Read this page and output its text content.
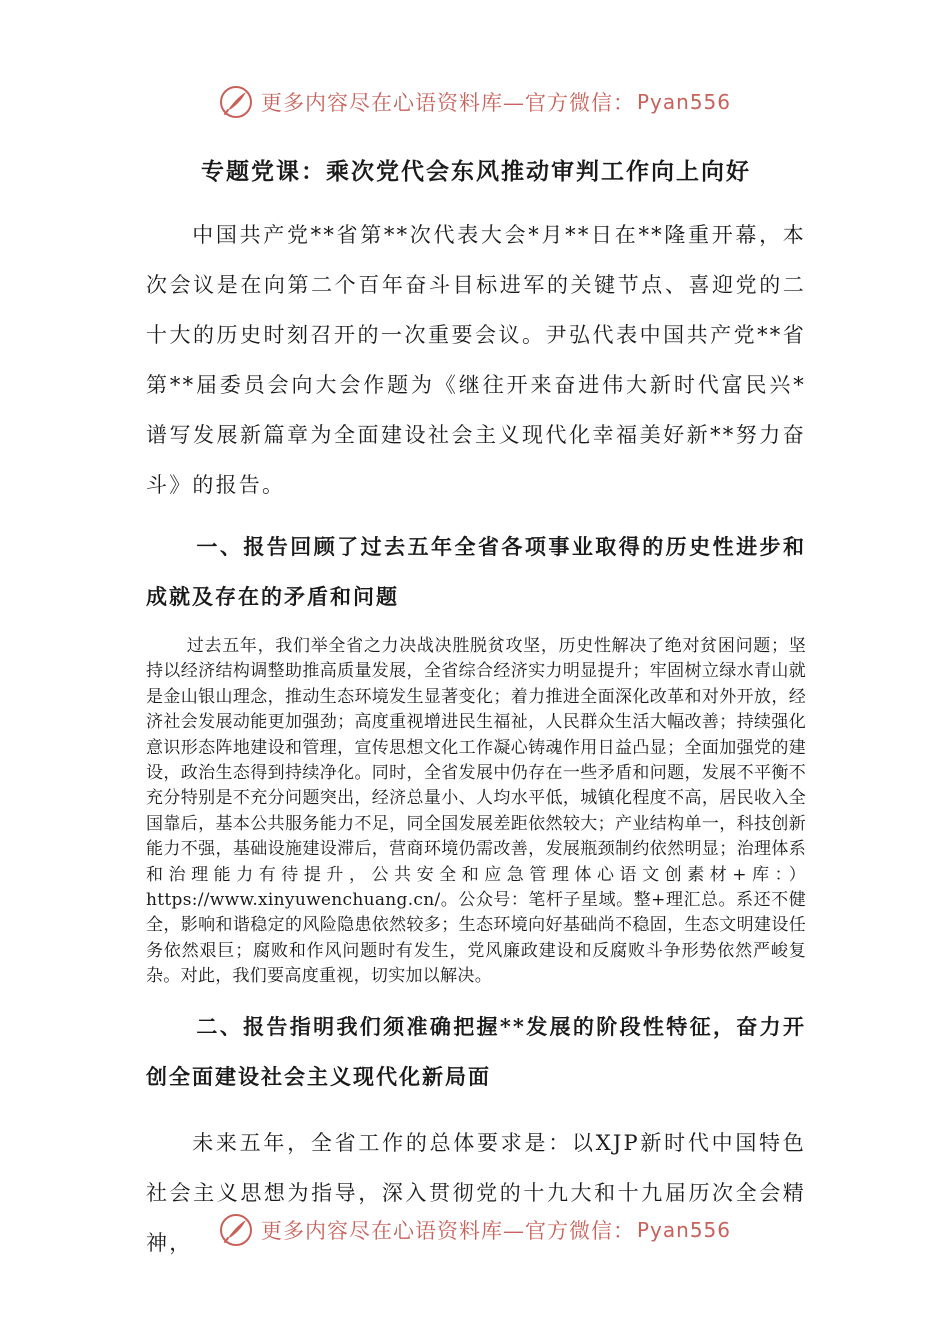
更多内容尽在心语资料库—官方微信： Pyan556
专题党课：乘次党代会东风推动审判工作向上向好

中国共产党**省第**次代表大会*月**日在**隆重开幕，本次会议是在向第二个百年奋斗目标进军的关键节点、喜迎党的二十大的历史时刻召开的一次重要会议。尹弘代表中国共产党**省第**届委员会向大会作题为《继往开来奋进伟大新时代富民兴*谱写发展新篇章为全面建设社会主义现代化幸福美好新**努力奋斗》的报告。

一、报告回顾了过去五年全省各项事业取得的历史性进步和成就及存在的矛盾和问题

过去五年，我们举全省之力决战决胜脱贫攻坚，历史性解决了绝对贫困问题；坚持以经济结构调整助推高质量发展，全省综合经济实力明显提升；牢固树立绿水青山就是金山银山理念，推动生态环境发生显著变化；着力推进全面深化改革和对外开放，经济社会发展动能更加强劲；高度重视增进民生福祉，人民群众生活大幅改善；持续强化意识形态阵地建设和管理，宣传思想文化工作凝心铸魂作用日益凸显；全面加强党的建设，政治生态得到持续净化。同时，全省发展中仍存在一些矛盾和问题，发展不平衡不充分特别是不充分问题突出，经济总量小、人均水平低，城镇化程度不高，居民收入全国靠后，基本公共服务能力不足，同全国发展差距依然较大；产业结构单一，科技创新能力不强，基础设施建设滞后，营商环境仍需改善，发展瓶颈制约依然明显；治理体系和治理能力有待提升，公共安全和应急管理体心语文创素材+库：）https://www.xinyuwenchuang.cn/。公众号：笔杆子星域。整+理汇总。系还不健全，影响和谐稳定的风险隐患依然较多；生态环境向好基础尚不稳固，生态文明建设任务依然艰巨；腐败和作风问题时有发生，党风廉政建设和反腐败斗争形势依然严峻复杂。对此，我们要高度重视，切实加以解决。

二、报告指明我们须准确把握**发展的阶段性特征，奋力开创全面建设社会主义现代化新局面

未来五年，全省工作的总体要求是：以XJP新时代中国特色社会主义思想为指导，深入贯彻党的十九大和十九届历次全会精神，	更多内容尽在心语资料库—官方微信： Pyan556
